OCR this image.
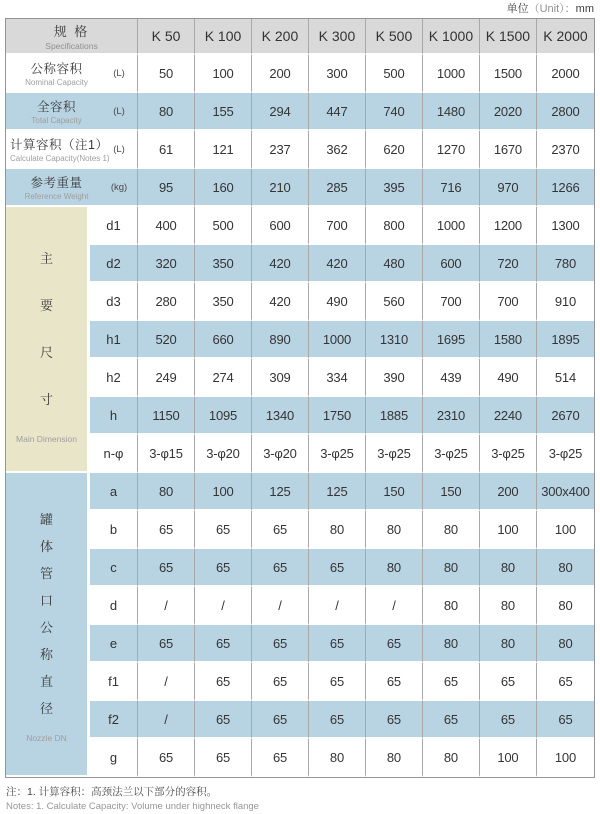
单位（Unit）：mm
规 格
Specifications		K 50	K 100	K 200	K 300	K 500	K 1000	K 1500	K 2000

公称容积
Nominal Capacity
(L)		50	100	200	300	500	1000	1500	2000

全容积
Total Capacity
(L)		80	155	294	447	740	1480	2020	2800

计算容积（注1）
Calculate Capacity(Notes 1)
(L)		61	121	237	362	620	1270	1670	2370

参考重量
Reference Weight
(kg)		95	160	210	285	395	716	970	1266

主
要
尺
寸
Main Dimension	d1	400	500	600	700	800	1000	1200	1300
	d2	320	350	420	420	480	600	720	780
	d3	280	350	420	490	560	700	700	910
	h1	520	660	890	1000	1310	1695	1580	1895
	h2	249	274	309	334	390	439	490	514
	h	1150	1095	1340	1750	1885	2310	2240	2670
	n-φ	3-φ15	3-φ20	3-φ20	3-φ25	3-φ25	3-φ25	3-φ25	3-φ25

罐
体
管
口
公
称
直
径
Nozzle DN
	a	80	100	125	125	150	150	200	300x400
	b	65	65	65	80	80	80	100	100
	c	65	65	65	65	80	80	80	80
	d	/	/	/	/	/	80	80	80
	e	65	65	65	65	65	80	80	80
	f1	/	65	65	65	65	65	65	65
	f2	/	65	65	65	65	65	65	65
	g	65	65	65	80	80	80	100	100
注：1. 计算容积：高颈法兰以下部分的容积。
Notes: 1. Calculate Capacity: Volume under highneck flange
